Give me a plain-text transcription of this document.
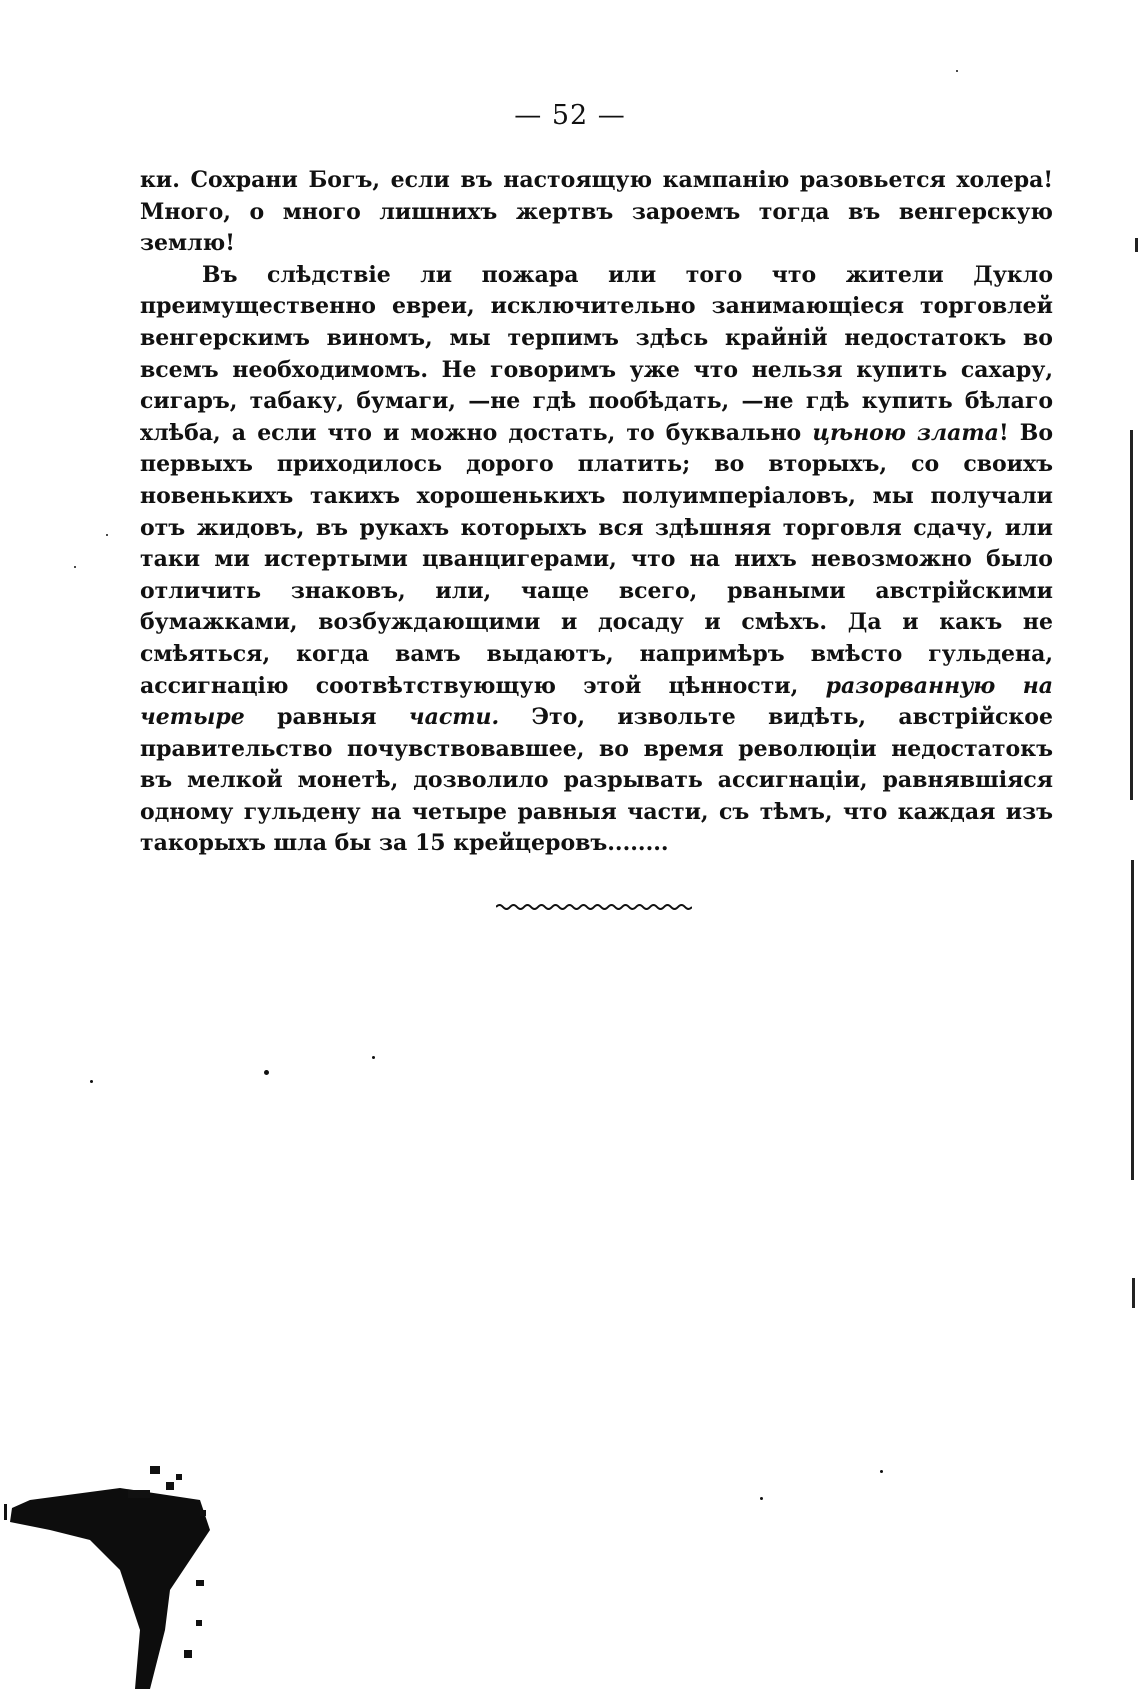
— 52 —

ки. Сохрани Богъ, если въ настоящую кампанію разовьется холера! Много, о много лишнихъ жертвъ зароемъ тогда въ венгерскую землю!

Въ слѣдствіе ли пожара или того что жители Дукло преимущественно евреи, исключительно занимающіеся торговлей венгерскимъ виномъ, мы терпимъ здѣсь крайній недостатокъ во всемъ необходимомъ. Не говоримъ уже что нельзя купить сахару, сигаръ, табаку, бумаги, —не гдѣ пообѣдать, —не гдѣ купить бѣлаго хлѣба, а если что и можно достать, то буквально цѣною злата! Во первыхъ приходилось дорого платить; во вторыхъ, со своихъ новенькихъ такихъ хорошенькихъ полуимперіаловъ, мы получали отъ жидовъ, въ рукахъ которыхъ вся здѣшняя торговля сдачу, или таки ми истертыми цванцигерами, что на нихъ невозможно было отличить знаковъ, или, чаще всего, рваными австрійскими бумажками, возбуждающими и досаду и смѣхъ. Да и какъ не смѣяться, когда вамъ выдаютъ, напримѣръ вмѣсто гульдена, ассигнацію соотвѣтствующую этой цѣнности, разорванную на четыре равныя части. Это, извольте видѣть, австрійское правительство почувствовавшее, во время революціи недостатокъ въ мелкой монетѣ, дозволило разрывать ассигнаціи, равнявшіяся одному гульдену на четыре равныя части, съ тѣмъ, что каждая изъ такорыхъ шла бы за 15 крейцеровъ........
